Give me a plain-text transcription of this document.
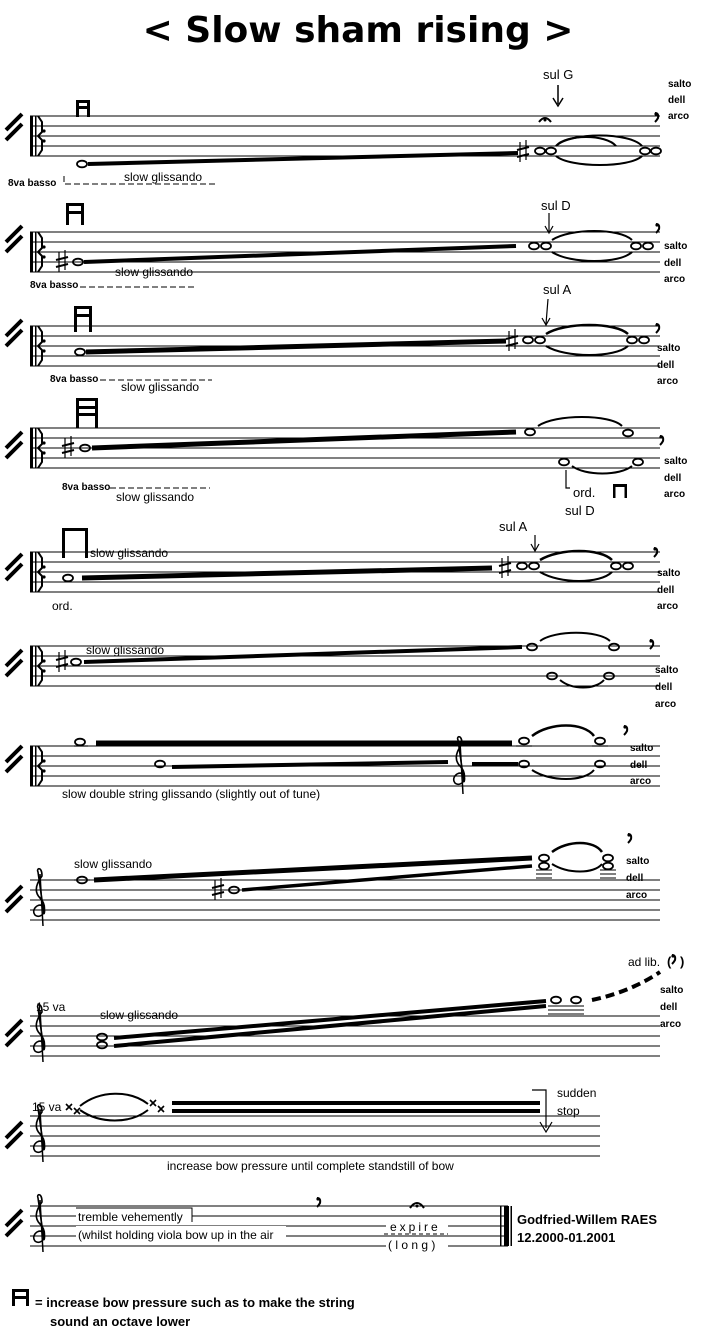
< Slow sham rising >
sul G
salto
dell
arco
8va basso	slow glissando
sul D
salto
dell
arco
8va basso
slow glissando
sul A
salto
dell
arco
8va basso
slow glissando
ord.
sul D
salto
dell
arco
8va basso
slow glissando
slow glissando
sul A
salto
dell
arco
ord.
slow glissando
salto
dell
arco
salto
dell
arco
slow double string glissando (slightly out of tune)
slow glissando	salto
dell
arco
15 va
slow glissando
ad lib. ( )
salto
dell
arco
15 va
sudden
stop
increase bow pressure until complete standstill of bow
tremble vehemently
(whilst holding viola bow up in the air
expire
( l o n g )
Godfried-Willem RAES
12.2000-01.2001
= increase bow pressure such as to make the string
sound an octave lower
